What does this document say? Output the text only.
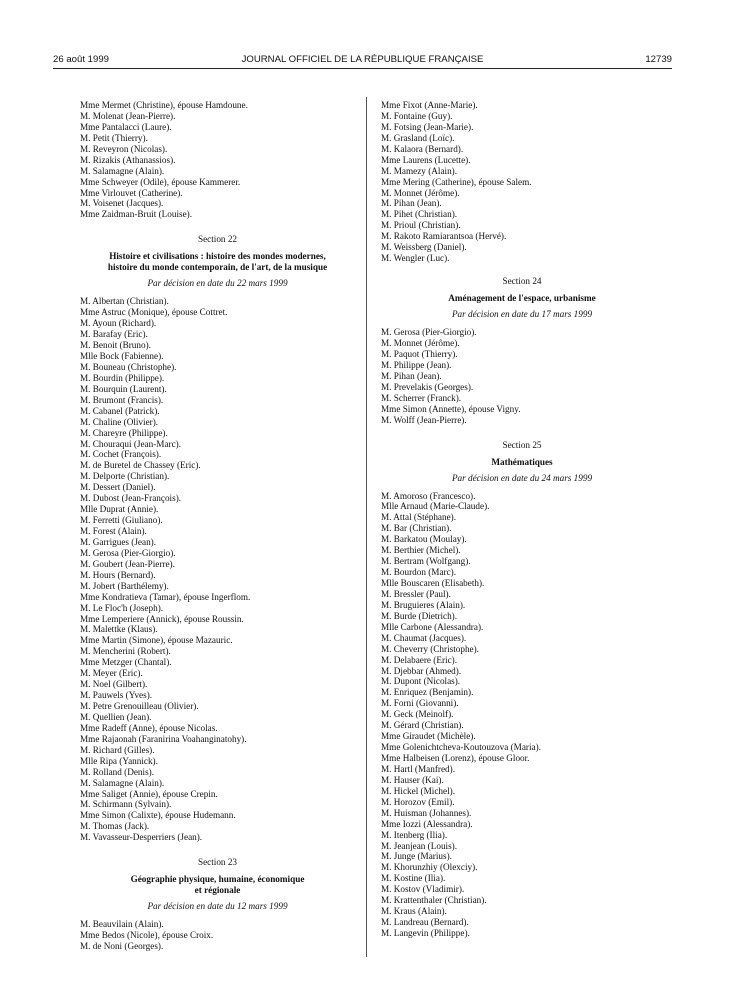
26 août 1999	JOURNAL OFFICIEL DE LA RÉPUBLIQUE FRANÇAISE	12739
Mme Mermet (Christine), épouse Hamdoune.
M. Molenat (Jean-Pierre).
Mme Pantalacci (Laure).
M. Petit (Thierry).
M. Reveyron (Nicolas).
M. Rizakis (Athanassios).
M. Salamagne (Alain).
Mme Schweyer (Odile), épouse Kammerer.
Mme Virlouvet (Catherine).
M. Voisenet (Jacques).
Mme Zaidman-Bruit (Louise).
Section 22
Histoire et civilisations : histoire des mondes modernes,
histoire du monde contemporain, de l'art, de la musique
Par décision en date du 22 mars 1999
M. Albertan (Christian).
Mme Astruc (Monique), épouse Cottret.
M. Ayoun (Richard).
M. Barafay (Eric).
M. Benoit (Bruno).
Mlle Bock (Fabienne).
M. Bouneau (Christophe).
M. Bourdin (Philippe).
M. Bourquin (Laurent).
M. Brumont (Francis).
M. Cabanel (Patrick).
M. Chaline (Olivier).
M. Chareyre (Philippe).
M. Chouraqui (Jean-Marc).
M. Cochet (François).
M. de Buretel de Chassey (Eric).
M. Delporte (Christian).
M. Dessert (Daniel).
M. Dubost (Jean-François).
Mlle Duprat (Annie).
M. Ferretti (Giuliano).
M. Forest (Alain).
M. Garrigues (Jean).
M. Gerosa (Pier-Giorgio).
M. Goubert (Jean-Pierre).
M. Hours (Bernard).
M. Jobert (Barthélemy).
Mme Kondratieva (Tamar), épouse Ingerflom.
M. Le Floc'h (Joseph).
Mme Lemperiere (Annick), épouse Roussin.
M. Malettke (Klaus).
Mme Martin (Simone), épouse Mazauric.
M. Mencherini (Robert).
Mme Metzger (Chantal).
M. Meyer (Eric).
M. Noel (Gilbert).
M. Pauwels (Yves).
M. Petre Grenouilleau (Olivier).
M. Quellien (Jean).
Mme Radeff (Anne), épouse Nicolas.
Mme Rajaonah (Faranirina Voahanginatohy).
M. Richard (Gilles).
Mlle Ripa (Yannick).
M. Rolland (Denis).
M. Salamagne (Alain).
Mme Saliget (Annie), épouse Crepin.
M. Schirmann (Sylvain).
Mme Simon (Calixte), épouse Hudemann.
M. Thomas (Jack).
M. Vavasseur-Desperriers (Jean).
Section 23
Géographie physique, humaine, économique
et régionale
Par décision en date du 12 mars 1999
M. Beauvilain (Alain).
Mme Bedos (Nicole), épouse Croix.
M. de Noni (Georges).
Mme Fixot (Anne-Marie).
M. Fontaine (Guy).
M. Fotsing (Jean-Marie).
M. Grasland (Loïc).
M. Kalaora (Bernard).
Mme Laurens (Lucette).
M. Mamezy (Alain).
Mme Mering (Catherine), épouse Salem.
M. Monnet (Jérôme).
M. Pihan (Jean).
M. Pihet (Christian).
M. Prioul (Christian).
M. Rakoto Ramiarantsoa (Hervé).
M. Weissberg (Daniel).
M. Wengler (Luc).
Section 24
Aménagement de l'espace, urbanisme
Par décision en date du 17 mars 1999
M. Gerosa (Pier-Giorgio).
M. Monnet (Jérôme).
M. Paquot (Thierry).
M. Philippe (Jean).
M. Pihan (Jean).
M. Prevelakis (Georges).
M. Scherrer (Franck).
Mme Simon (Annette), épouse Vigny.
M. Wolff (Jean-Pierre).
Section 25
Mathématiques
Par décision en date du 24 mars 1999
M. Amoroso (Francesco).
Mlle Arnaud (Marie-Claude).
M. Attal (Stéphane).
M. Bar (Christian).
M. Barkatou (Moulay).
M. Berthier (Michel).
M. Bertram (Wolfgang).
M. Bourdon (Marc).
Mlle Bouscaren (Elisabeth).
M. Bressler (Paul).
M. Bruguieres (Alain).
M. Burde (Dietrich).
Mlle Carbone (Alessandra).
M. Chaumat (Jacques).
M. Cheverry (Christophe).
M. Delabaere (Eric).
M. Djebbar (Ahmed).
M. Dupont (Nicolas).
M. Enriquez (Benjamin).
M. Forni (Giovanni).
M. Geck (Meinolf).
M. Gérard (Christian).
Mme Giraudet (Michèle).
Mme Golenichtcheva-Koutouzova (Maria).
Mme Halbeisen (Lorenz), épouse Gloor.
M. Hartl (Manfred).
M. Hauser (Kai).
M. Hickel (Michel).
M. Horozov (Emil).
M. Huisman (Johannes).
Mme Iozzi (Alessandra).
M. Itenberg (Ilia).
M. Jeanjean (Louis).
M. Junge (Marius).
M. Khorunzhiy (Olexciy).
M. Kostine (Ilia).
M. Kostov (Vladimir).
M. Krattenthaler (Christian).
M. Kraus (Alain).
M. Landreau (Bernard).
M. Langevin (Philippe).
